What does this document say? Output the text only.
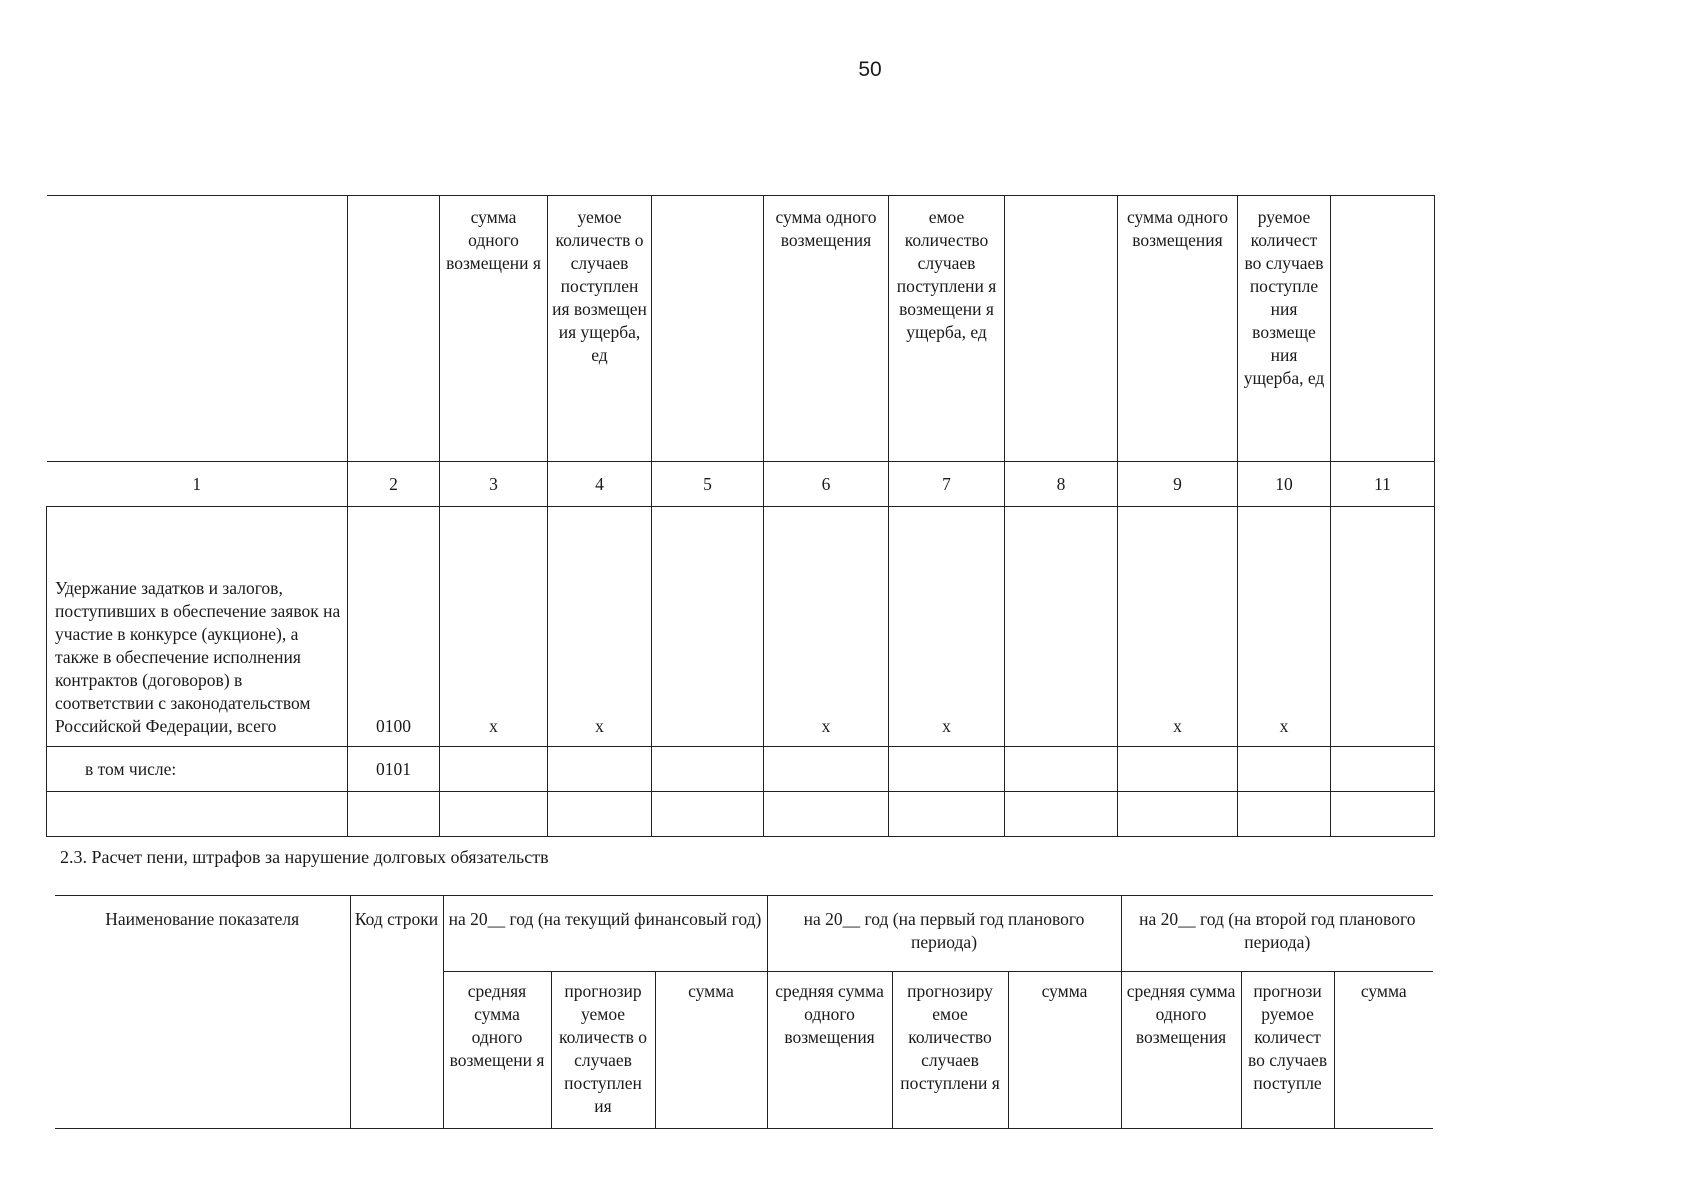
50
		сумма одного возмещени я	уемое количеств о случаев поступлен ия возмещен ия ущерба, ед		сумма одного возмещения	емое количество случаев поступлени я возмещени я ущерба, ед		сумма одного возмещения	руемое количест во случаев поступле ния возмеще ния ущерба, ед	
1	2	3	4	5	6	7	8	9	10	11
Удержание задатков и залогов, поступивших в обеспечение заявок на участие в конкурсе (аукционе), а также в обеспечение исполнения контрактов (договоров) в соответствии с законодательством Российской Федерации, всего	0100	х	х		х	х		х	х	
в том числе:	0101									

2.3. Расчет пени, штрафов за нарушение долговых обязательств
Наименование показателя	Код строки	на 20__ год (на текущий финансовый год)			на 20__ год (на первый год планового периода)			на 20__ год (на второй год планового периода)		
		средняя сумма одного возмещени я	прогнозир уемое количеств о случаев поступлен ия	сумма	средняя сумма одного возмещения	прогнозиру емое количество случаев поступлени я	сумма	средняя сумма одного возмещения	прогнози руемое количест во случаев поступле	сумма
